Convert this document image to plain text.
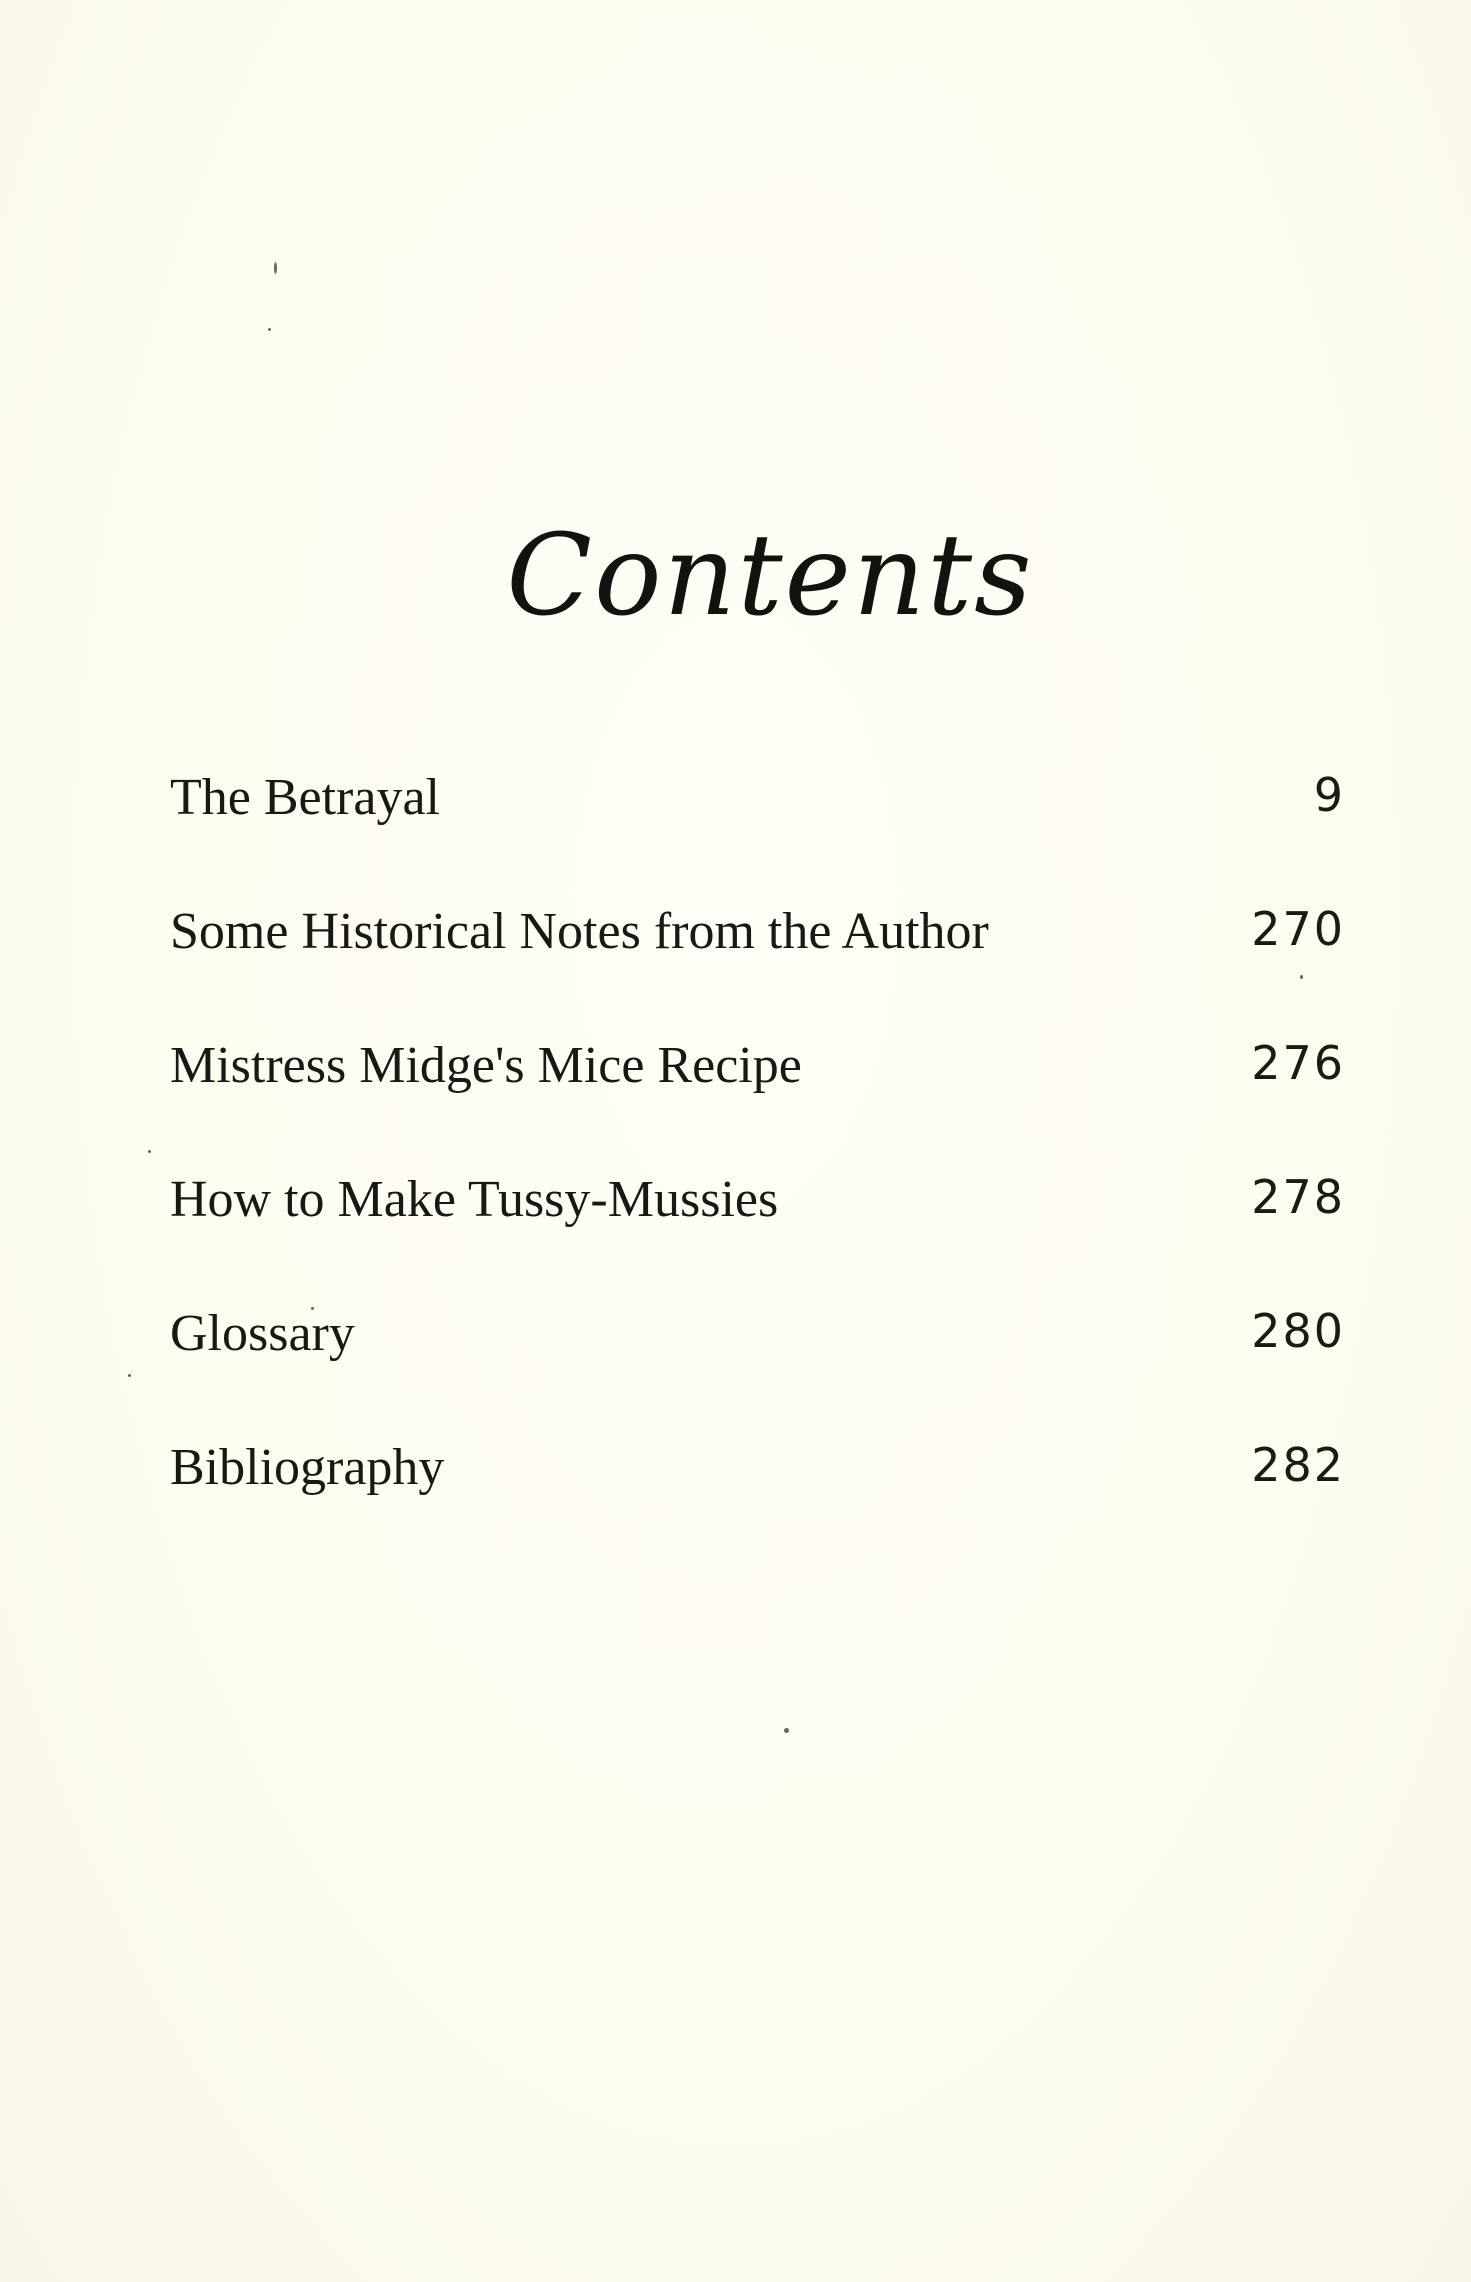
Contents
The Betrayal	9
Some Historical Notes from the Author	270
Mistress Midge's Mice Recipe	276
How to Make Tussy-Mussies	278
Glossary	280
Bibliography	282
